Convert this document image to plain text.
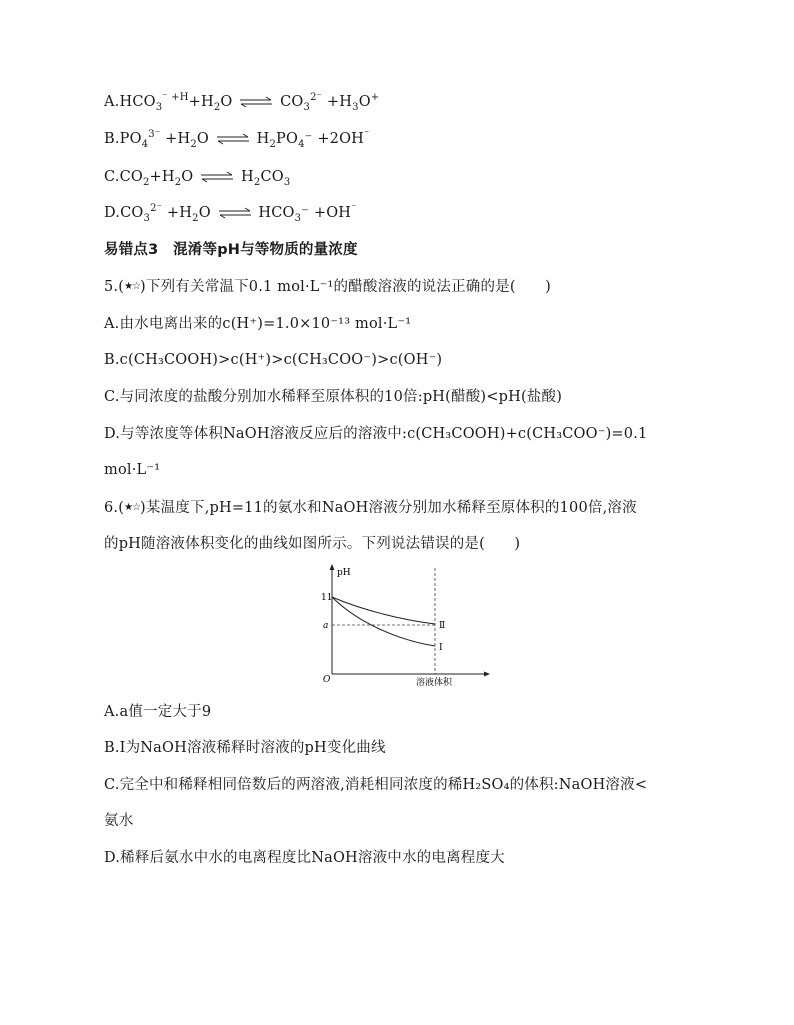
$A.HCO_3^{^- +H}+H_2O$ ⇌ $CO_3^{2^-} +H_3O^+$
$B.PO_4^{3^-} +H_2O$ ⇌ $H_2PO_4^- +2OH^{^-}$
$C.CO_2+H_2O$ ⇌ $H_2CO_3$
$D.CO_3^{2^-} +H_2O$ ⇌ $HCO_3^- +OH^{^-}$
易错点3　混淆等pH与等物质的量浓度
5.(★☆)下列有关常温下0.1 mol·L⁻¹的醋酸溶液的说法正确的是(　　)
A.由水电离出来的c(H⁺)=1.0×10⁻¹³ mol·L⁻¹
B.c(CH₃COOH)>c(H⁺)>c(CH₃COO⁻)>c(OH⁻)
C.与同浓度的盐酸分别加水稀释至原体积的10倍:pH(醋酸)<pH(盐酸)
D.与等浓度等体积NaOH溶液反应后的溶液中:c(CH₃COOH)+c(CH₃COO⁻)=0.1
mol·L⁻¹
6.(★☆)某温度下,pH=11的氨水和NaOH溶液分别加水稀释至原体积的100倍,溶液
的pH随溶液体积变化的曲线如图所示。下列说法错误的是(　　)
pH
溶液体积
O
11
a	Ⅱ
Ⅰ
A.a值一定大于9
B.Ⅰ为NaOH溶液稀释时溶液的pH变化曲线
C.完全中和稀释相同倍数后的两溶液,消耗相同浓度的稀H₂SO₄的体积:NaOH溶液<
氨水
D.稀释后氨水中水的电离程度比NaOH溶液中水的电离程度大
